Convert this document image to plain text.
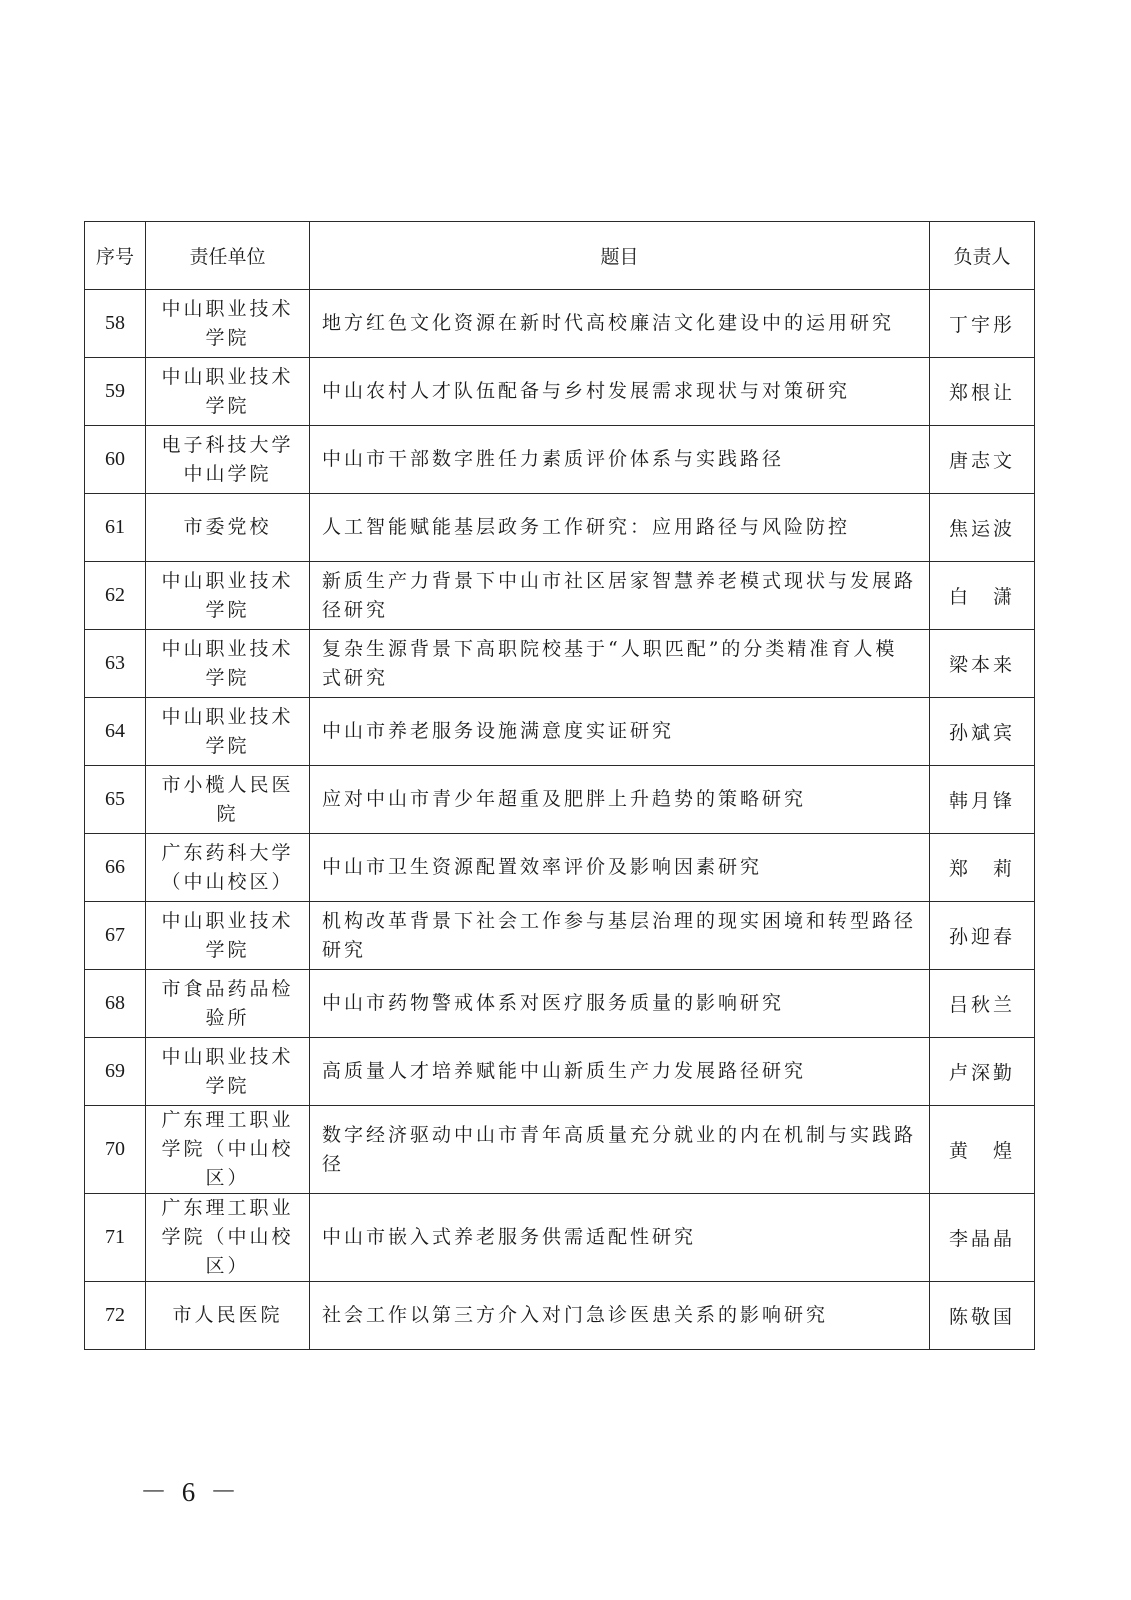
序号	责任单位	题目	负责人
58	中山职业技术学院	地方红色文化资源在新时代高校廉洁文化建设中的运用研究	丁宇彤
59	中山职业技术学院	中山农村人才队伍配备与乡村发展需求现状与对策研究	郑根让
60	电子科技大学中山学院	中山市干部数字胜任力素质评价体系与实践路径	唐志文
61	市委党校	人工智能赋能基层政务工作研究：应用路径与风险防控	焦运波
62	中山职业技术学院	新质生产力背景下中山市社区居家智慧养老模式现状与发展路径研究	白　潇
63	中山职业技术学院	复杂生源背景下高职院校基于“人职匹配”的分类精准育人模式研究	梁本来
64	中山职业技术学院	中山市养老服务设施满意度实证研究	孙斌宾
65	市小榄人民医院	应对中山市青少年超重及肥胖上升趋势的策略研究	韩月锋
66	广东药科大学（中山校区）	中山市卫生资源配置效率评价及影响因素研究	郑　莉
67	中山职业技术学院	机构改革背景下社会工作参与基层治理的现实困境和转型路径研究	孙迎春
68	市食品药品检验所	中山市药物警戒体系对医疗服务质量的影响研究	吕秋兰
69	中山职业技术学院	高质量人才培养赋能中山新质生产力发展路径研究	卢深勤
70	广东理工职业学院（中山校区）	数字经济驱动中山市青年高质量充分就业的内在机制与实践路径	黄　煌
71	广东理工职业学院（中山校区）	中山市嵌入式养老服务供需适配性研究	李晶晶
72	市人民医院	社会工作以第三方介入对门急诊医患关系的影响研究	陈敬国
－ 6 －
